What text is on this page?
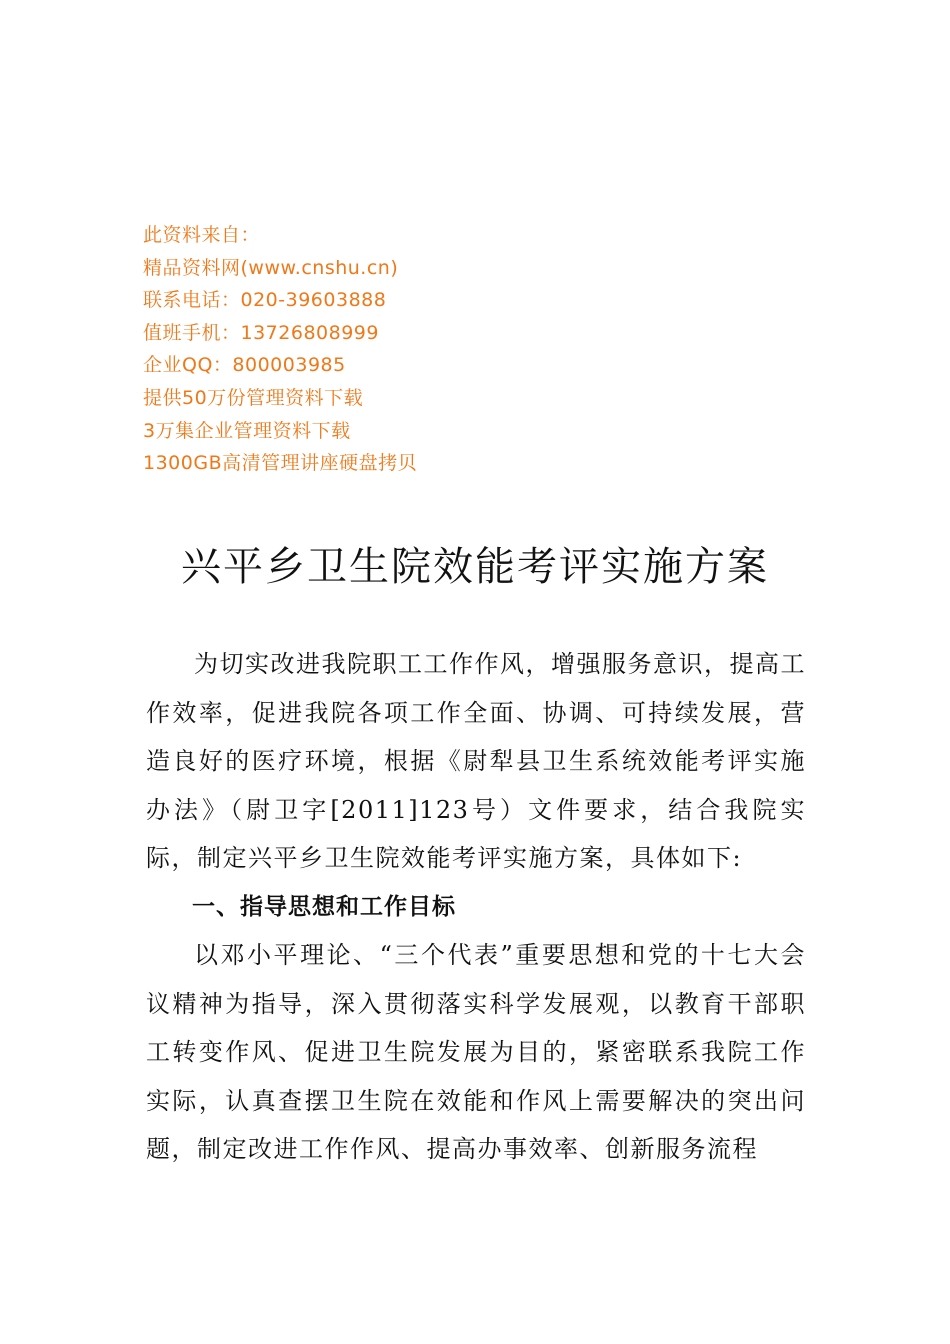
此资料来自：
精品资料网(www.cnshu.cn)
联系电话：020-39603888
值班手机：13726808999
企业QQ：800003985
提供50万份管理资料下载
3万集企业管理资料下载
1300GB高清管理讲座硬盘拷贝
兴平乡卫生院效能考评实施方案

为切实改进我院职工工作作风，增强服务意识，提高工作效率，促进我院各项工作全面、协调、可持续发展，营造良好的医疗环境，根据《尉犁县卫生系统效能考评实施办法》（尉卫字[2011]123号）文件要求，结合我院实际，制定兴平乡卫生院效能考评实施方案，具体如下:

一、指导思想和工作目标

以邓小平理论、“三个代表”重要思想和党的十七大会议精神为指导，深入贯彻落实科学发展观，以教育干部职工转变作风、促进卫生院发展为目的，紧密联系我院工作实际，认真查摆卫生院在效能和作风上需要解决的突出问题，制定改进工作作风、提高办事效率、创新服务流程
